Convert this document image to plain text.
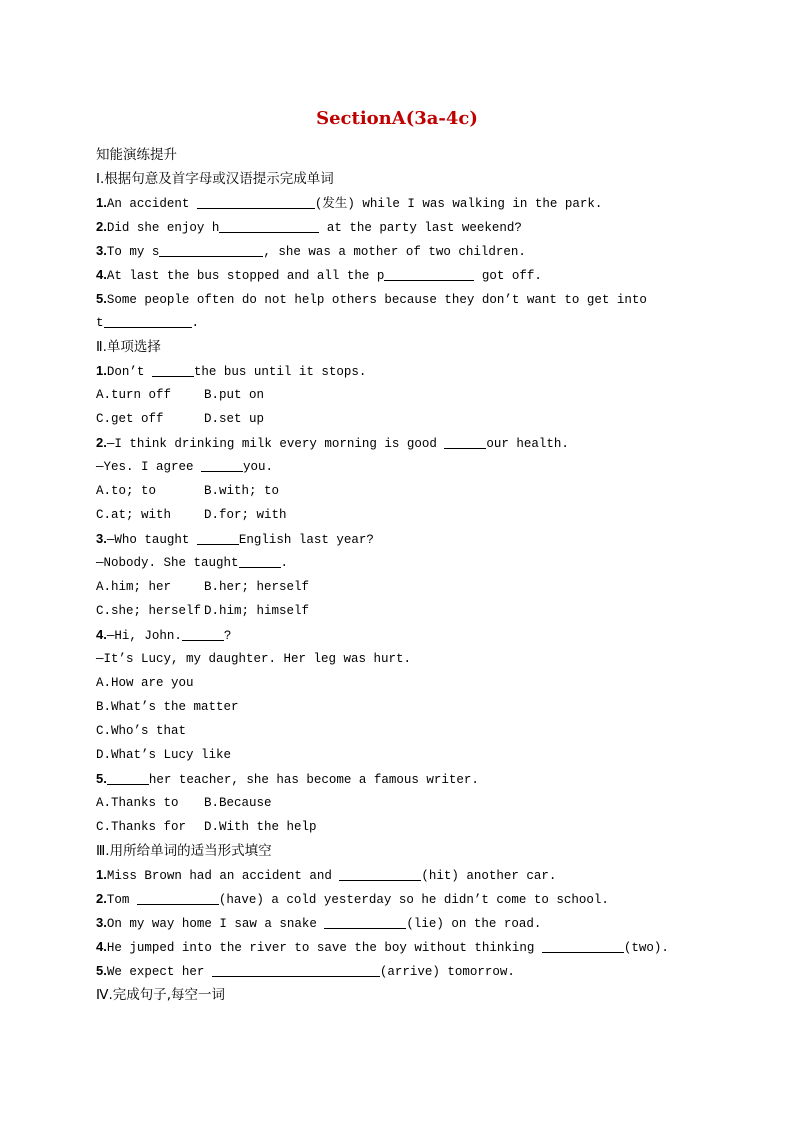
SectionA(3a-4c)
知能演练提升
Ⅰ.根据句意及首字母或汉语提示完成单词
1.An accident	(发生) while I was walking in the park.
2.Did she enjoy h	at the party last weekend?
3.To my s	, she was a mother of two children.
4.At last the bus stopped and all the p	got off.
5.Some people often do not help others because they don’t want to get into
t	.
Ⅱ.单项选择
1.Don’t	the bus until it stops.
A.turn off	B.put on
C.get off	D.set up
2.—I think drinking milk every morning is good	our health.
—Yes. I agree	you.
A.to; to	B.with; to
C.at; with	D.for; with
3.—Who taught	English last year?
—Nobody. She taught	.
A.him; her	B.her; herself
C.she; herself D.him; himself
4.—Hi, John.	?
—It’s Lucy, my daughter. Her leg was hurt.
A.How are you
B.What’s the matter
C.Who’s that
D.What’s Lucy like
5.	her teacher, she has become a famous writer.
A.Thanks to B.Because
C.Thanks for D.With the help
Ⅲ.用所给单词的适当形式填空
1.Miss Brown had an accident and	(hit) another car.
2.Tom	(have) a cold yesterday so he didn’t come to school.
3.On my way home I saw a snake	(lie) on the road.
4.He jumped into the river to save the boy without thinking	(two).
5.We expect her	(arrive) tomorrow.
Ⅳ.完成句子,每空一词
